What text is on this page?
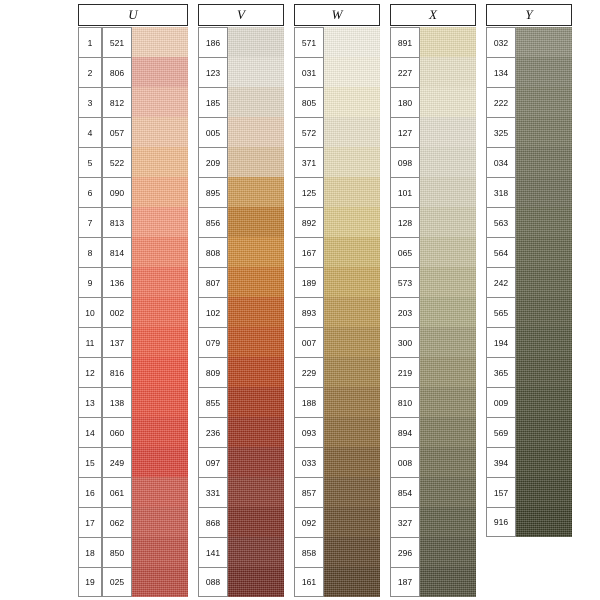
U
1	521
2	806
3	812
4	057
5	522
6	090
7	813
8	814
9	136
10	002
11	137
12	816
13	138
14	060
15	249
16	061
17	062
18	850
19	025
V
186
123
185
005
209
895
856
808
807
102
079
809
855
236
097
331
868
141
088
W
571
031
805
572
371
125
892
167
189
893
007
229
188
093
033
857
092
858
161
X
891
227
180
127
098
101
128
065
573
203
300
219
810
894
008
854
327
296
187
Y
032
134
222
325
034
318
563
564
242
565
194
365
009
569
394
157
916
